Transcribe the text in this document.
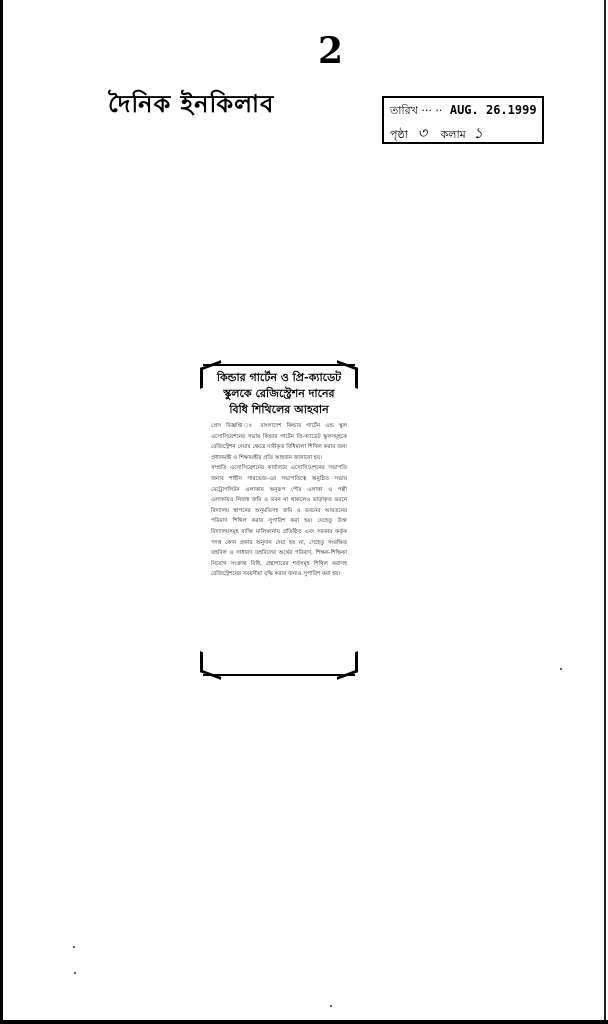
2
দৈনিক ইনকিলাব	তারিখ ··· ·· AUG. 26.1999
পৃষ্ঠা ৩ কলাম ১
কিন্ডার গার্টেন ও প্রি-ক্যাডেট
স্কুলকে রেজিস্ট্রেশন দানের
বিধি শিথিলের আহবান
প্রেস বিজ্ঞপ্তি ঃ বাংলাদেশ কিন্ডার গার্টেন এন্ড স্কুল এসোসিয়েশনের সভায় কিন্ডার গার্টেন প্রি-ক্যাডেট স্কুলসমূহকে রেজিস্ট্রেশন দেয়ার ক্ষেত্রে দাবীকৃত বিধিমালা শিথিল করার জন্য প্রধানমন্ত্রী ও শিক্ষামন্ত্রীর প্রতি আহবান জানানো হয়।
সম্প্রতি এসোসিয়েশনের কার্যালয়ে এসোসিয়েশনের সভাপতি জনাব শাহীন পারভেজ-এর সভাপতিত্বে অনুষ্ঠিত সভায় মেট্রোপলিটন এলাকায় অনুরূপ পৌর এলাকা ও পল্লী এলাকায়ও নিজস্ব জমি ও ভবন না থাকলেও ভাড়াকৃত ভবনে বিদ্যালয় স্থাপনের অনুমতিসহ জমি ও ভবনের আয়তনের পরিমাণ শিথিল করার সুপারিশ করা হয়। যেহেতু উক্ত বিদ্যালয়সমূহ ব্যক্তি মালিকানায় প্রতিষ্ঠিত এবং সরকার কর্তৃক পদত্ত কোন প্রকার অনুদান দেয়া হয় না, সেহেতু সংরক্ষিত তহবিল ও সাধারণ তহবিলের অর্থের পরিমাণ, শিক্ষক-শিক্ষিকা নিয়োগ সংক্রান্ত বিধি, গ্রন্থাগারের শর্তসমূহ শিথিল করাসহ রেজিস্ট্রেশনের সময়সীমা বৃদ্ধি করার জন্যও সুপারিশ করা হয়।
